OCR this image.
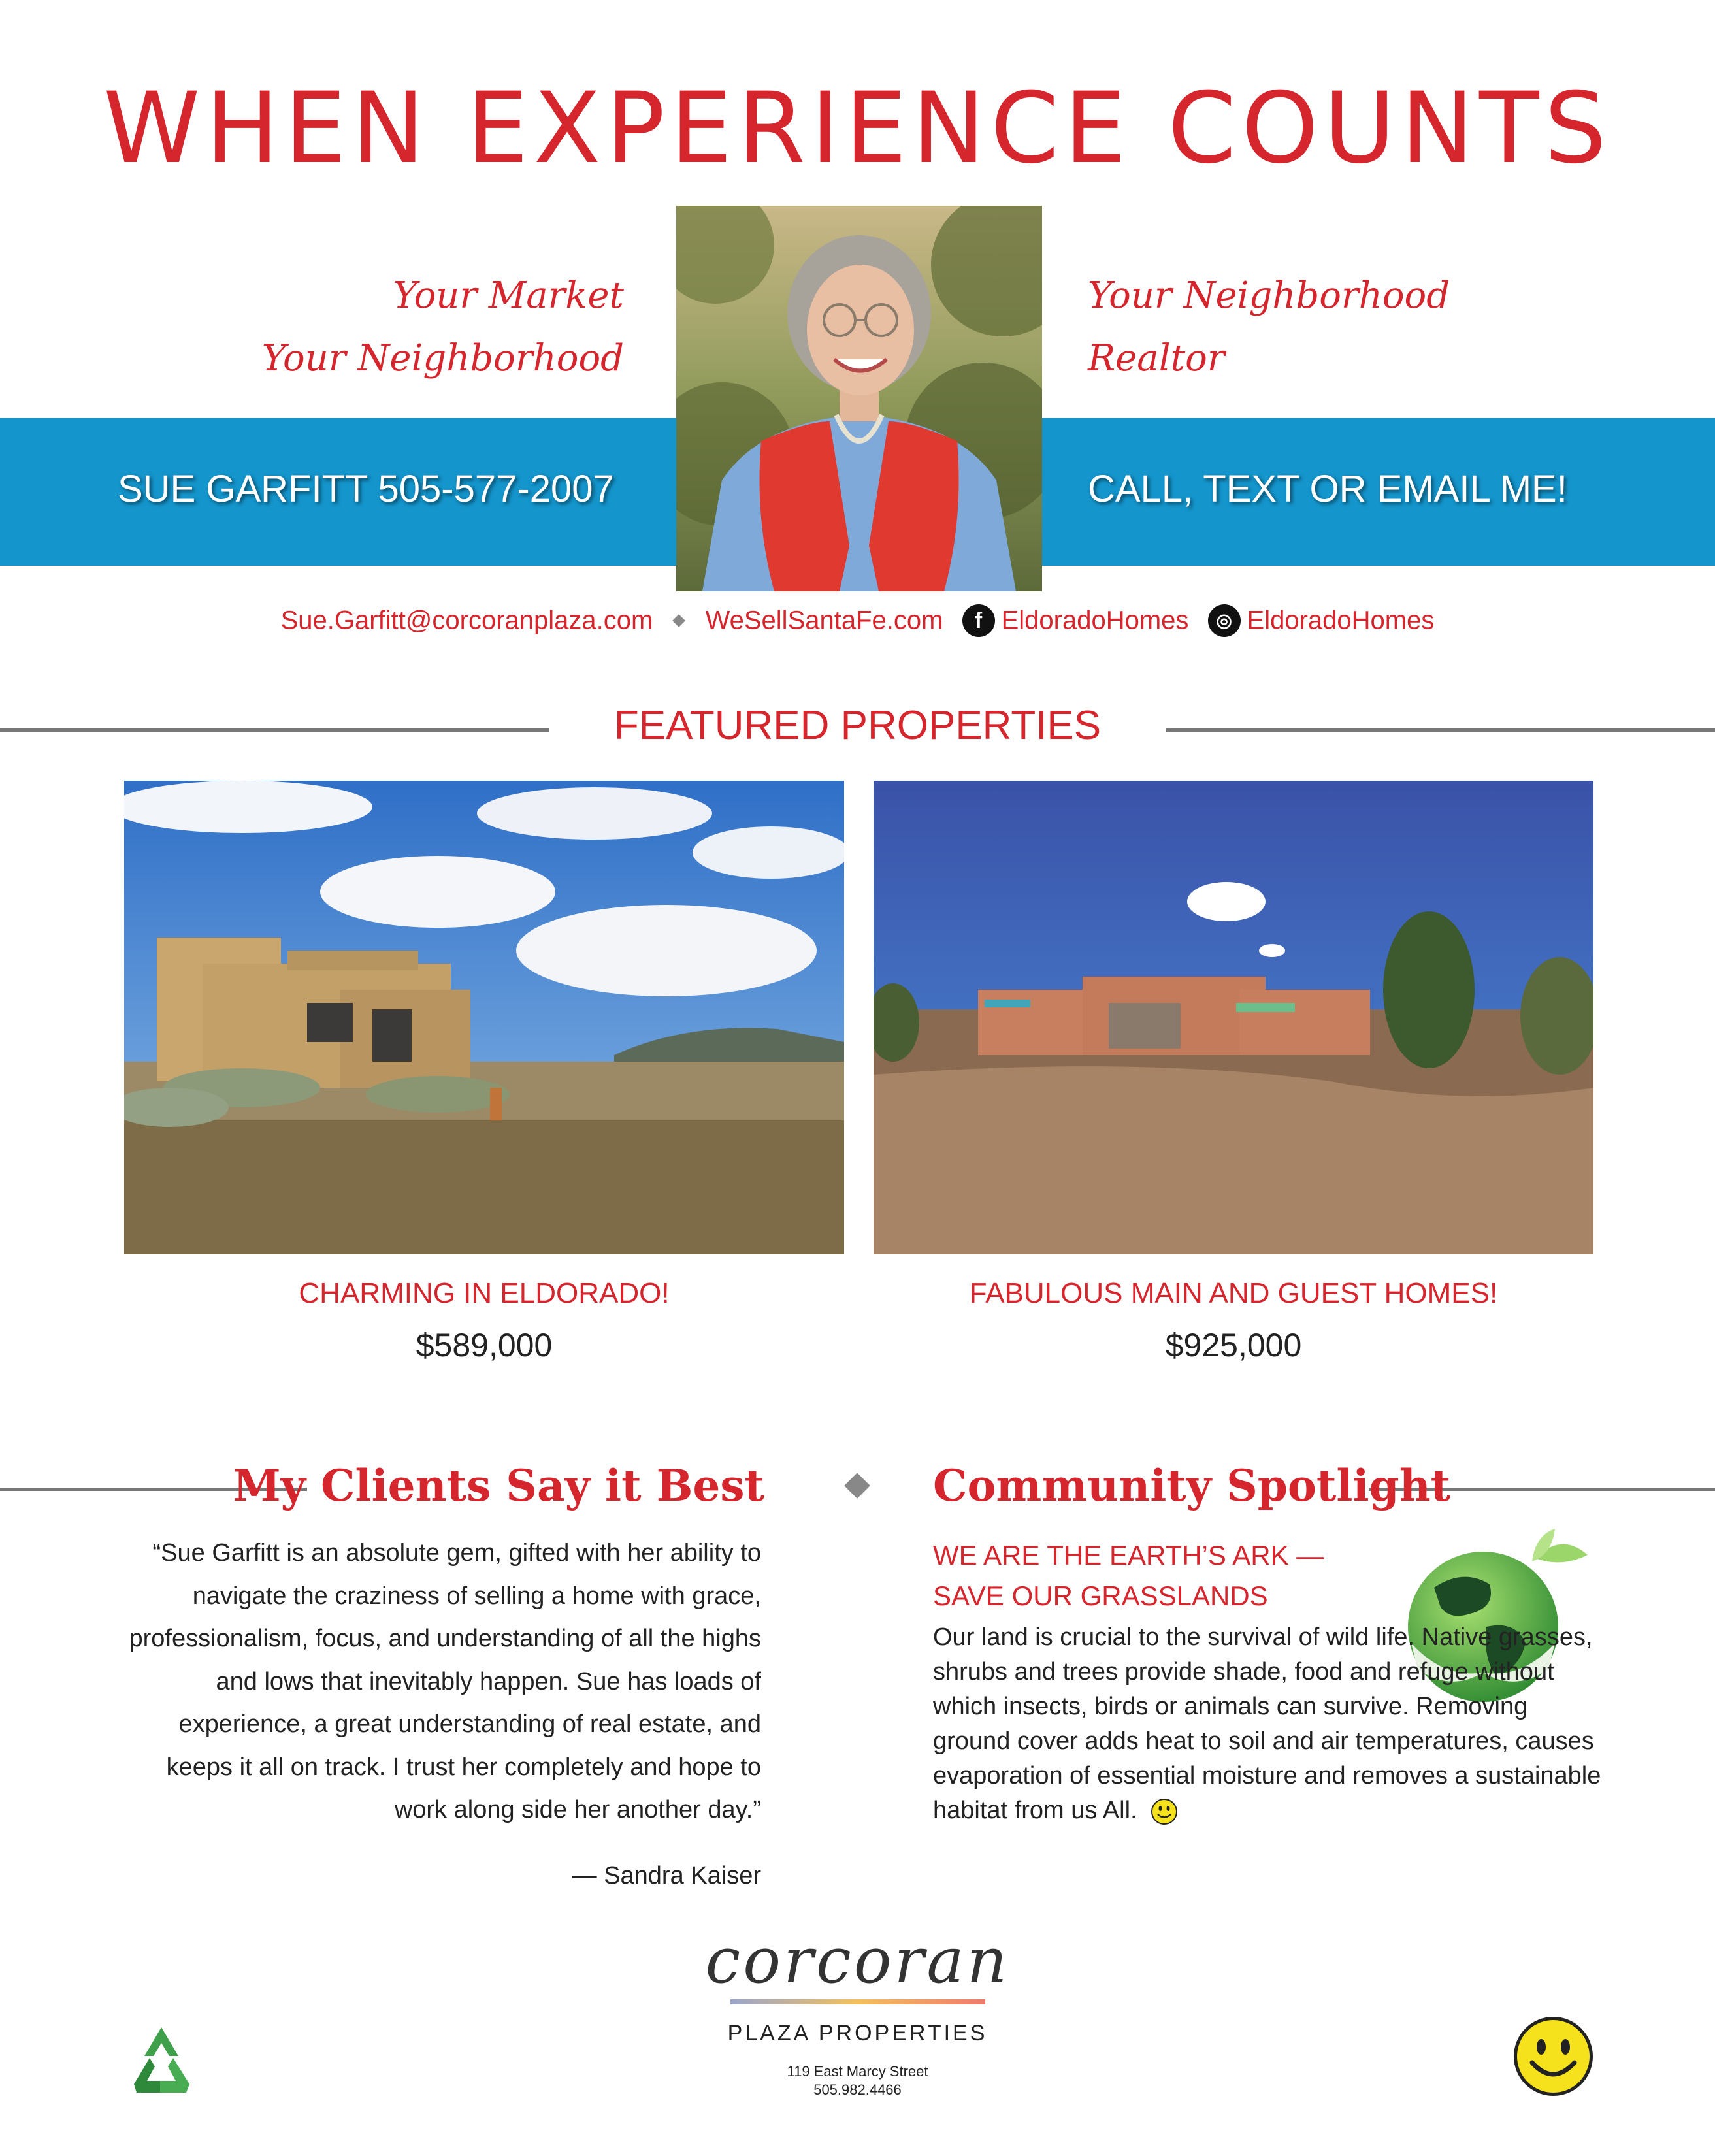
WHEN EXPERIENCE COUNTS
Your Market
Your Neighborhood
Your Neighborhood
Realtor
SUE GARFITT 505-577-2007	CALL, TEXT OR EMAIL ME!
Sue.Garfitt@corcoranplaza.com WeSellSantaFe.com f EldoradoHomes ◎ EldoradoHomes
FEATURED PROPERTIES
CHARMING IN ELDORADO!
$589,000
FABULOUS MAIN AND GUEST HOMES!
$925,000
My Clients Say it Best	Community Spotlight
“Sue Garfitt is an absolute gem, gifted with her ability to navigate the craziness of selling a home with grace, professionalism, focus, and understanding of all the highs and lows that inevitably happen. Sue has loads of experience, a great understanding of real estate, and keeps it all on track. I trust her completely and hope to work along side her another day.”
— Sandra Kaiser
WE ARE THE EARTH’S ARK —
SAVE OUR GRASSLANDS
Our land is crucial to the survival of wild life. Native grasses, shrubs and trees provide shade, food and refuge without which insects, birds or animals can survive. Removing ground cover adds heat to soil and air temperatures, causes evaporation of essential moisture and removes a sustainable habitat from us All.
corcoran
PLAZA PROPERTIES
119 East Marcy Street
505.982.4466
